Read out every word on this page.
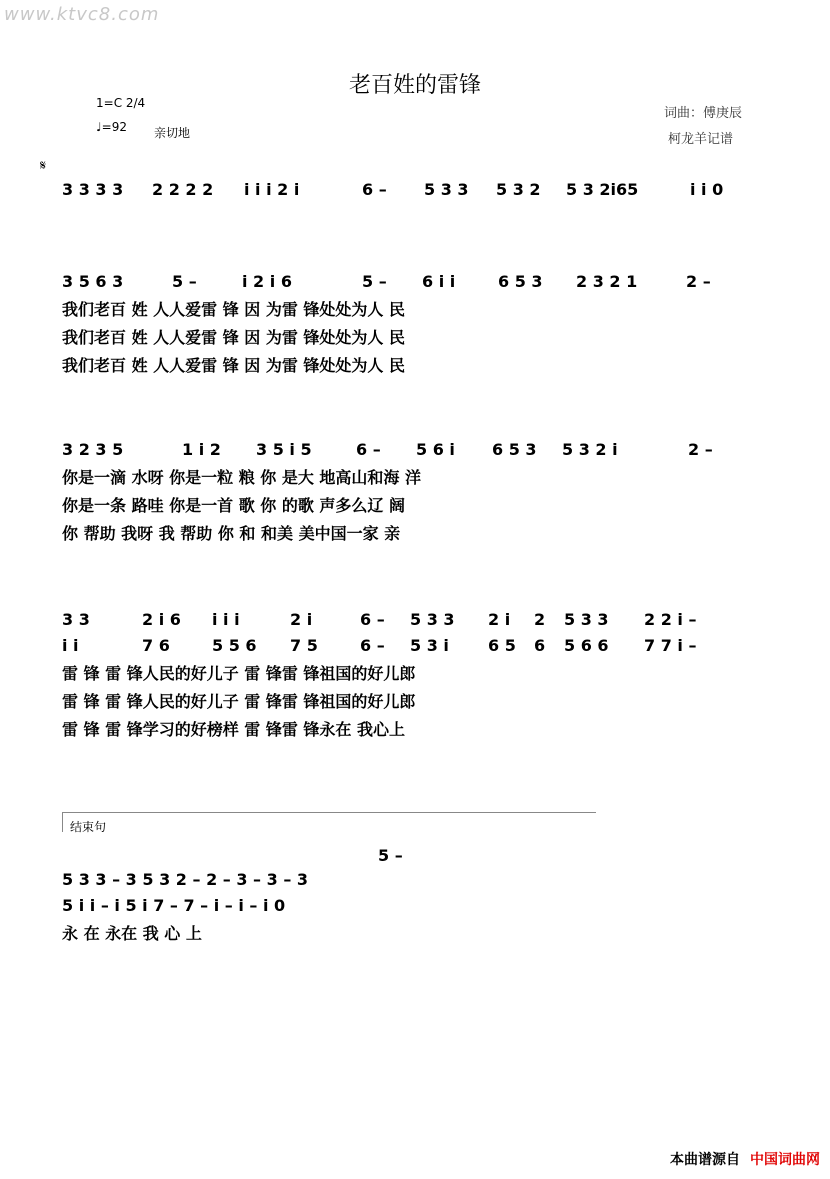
www.ktvc8.com
老百姓的雷锋
词曲：傅庚辰
柯龙羊记谱
1=C 2/4
♩=92 亲切地
𝄋
3 3 3 3	2 2 2 2	i i i 2 i	6 –	5 3 3	5 3 2	5 3 2i65	i i 0
3 5 6 3	5 –	i 2 i 6	5 –	6 i i	6 5 3	2 3 2 1	2 –
我们老百 姓 人人爱雷 锋 因 为雷 锋处处为人 民
我们老百 姓 人人爱雷 锋 因 为雷 锋处处为人 民
我们老百 姓 人人爱雷 锋 因 为雷 锋处处为人 民
3 2 3 5	1 i 2	3 5 i 5	6 –	5 6 i	6 5 3	5 3 2 i	2 –
你是一滴 水呀 你是一粒 粮 你 是大 地高山和海 洋
你是一条 路哇 你是一首 歌 你 的歌 声多么辽 阔
你 帮助 我呀 我 帮助 你 和 和美 美中国一家 亲
3 3	2 i 6	i i i	2 i	6 –	5 3 3	2 i	2	5 3 3	2 2 i –
i i	7 6	5 5 6	7 5	6 –	5 3 i	6 5	6	5 6 6	7 7 i –
雷 锋 雷 锋人民的好儿子 雷 锋雷 锋祖国的好儿郎
雷 锋 雷 锋人民的好儿子 雷 锋雷 锋祖国的好儿郎
雷 锋 雷 锋学习的好榜样 雷 锋雷 锋永在 我心上
结束句
5 –
5 3 3 – 3 5 3 2 – 2 – 3 – 3 – 3
5 i i – i 5 i 7 – 7 – i – i – i 0
永 在 永在 我 心 上
本曲谱源自 中国词曲网
